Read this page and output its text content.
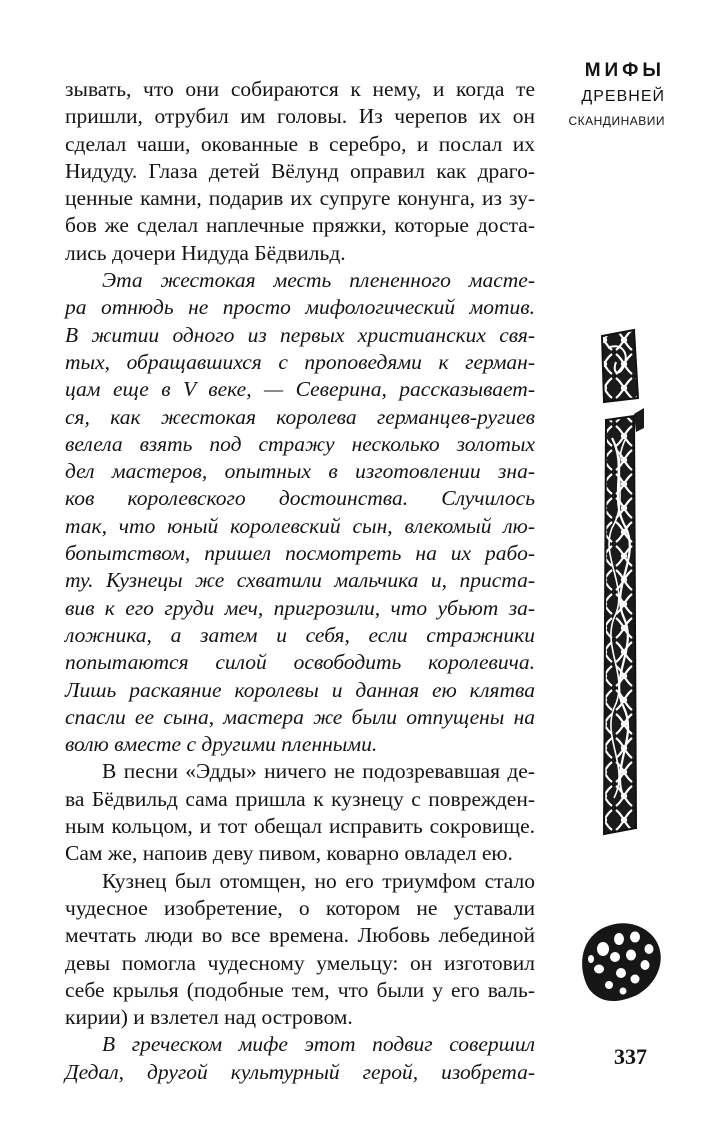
МИФЫ
ДРЕВНЕЙ
СКАНДИНАВИИ
зывать, что они собираются к нему, и когда те
пришли, отрубил им головы. Из черепов их он
сделал чаши, окованные в серебро, и послал их
Нидуду. Глаза детей Вёлунд оправил как драго-
ценные камни, подарив их супруге конунга, из зу-
бов же сделал наплечные пряжки, которые доста-
лись дочери Нидуда Бёдвильд.
Эта жестокая месть плененного масте-
ра отнюдь не просто мифологический мотив.
В житии одного из первых христианских свя-
тых, обращавшихся с проповедями к герман-
цам еще в V веке, — Северина, рассказывает-
ся, как жестокая королева германцев-ругиев
велела взять под стражу несколько золотых
дел мастеров, опытных в изготовлении зна-
ков королевского достоинства. Случилось
так, что юный королевский сын, влекомый лю-
бопытством, пришел посмотреть на их рабо-
ту. Кузнецы же схватили мальчика и, приста-
вив к его груди меч, пригрозили, что убьют за-
ложника, а затем и себя, если стражники
попытаются силой освободить королевича.
Лишь раскаяние королевы и данная ею клятва
спасли ее сына, мастера же были отпущены на
волю вместе с другими пленными.
В песни «Эдды» ничего не подозревавшая де-
ва Бёдвильд сама пришла к кузнецу с поврежден-
ным кольцом, и тот обещал исправить сокровище.
Сам же, напоив деву пивом, коварно овладел ею.
Кузнец был отомщен, но его триумфом стало
чудесное изобретение, о котором не уставали
мечтать люди во все времена. Любовь лебединой
девы помогла чудесному умельцу: он изготовил
себе крылья (подобные тем, что были у его валь-
кирии) и взлетел над островом.
В греческом мифе этот подвиг совершил
Дедал, другой культурный герой, изобрета-
337
